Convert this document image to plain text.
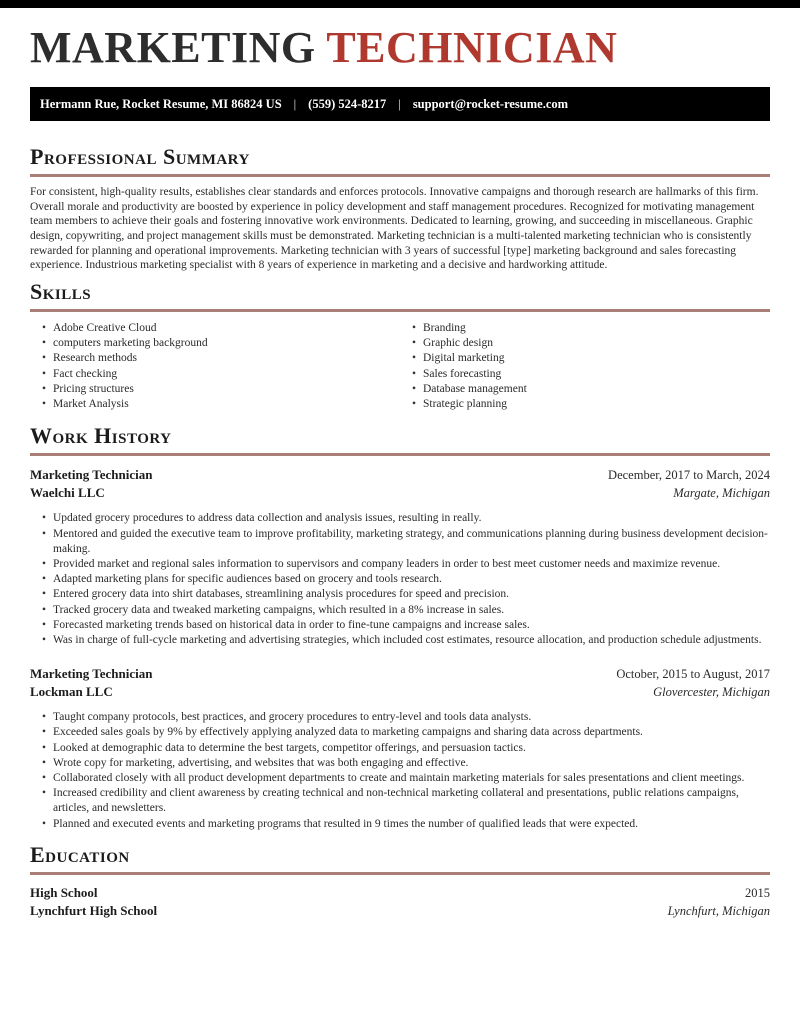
MARKETING TECHNICIAN
Hermann Rue, Rocket Resume, MI 86824 US | (559) 524-8217 | support@rocket-resume.com
Professional Summary

For consistent, high-quality results, establishes clear standards and enforces protocols. Innovative campaigns and thorough research are hallmarks of this firm. Overall morale and productivity are boosted by experience in policy development and staff management procedures. Recognized for motivating management team members to achieve their goals and fostering innovative work environments. Dedicated to learning, growing, and succeeding in miscellaneous. Graphic design, copywriting, and project management skills must be demonstrated. Marketing technician is a multi-talented marketing technician who is consistently rewarded for planning and operational improvements. Marketing technician with 3 years of successful [type] marketing background and sales forecasting experience. Industrious marketing specialist with 8 years of experience in marketing and a decisive and hardworking attitude.

Skills
• Adobe Creative Cloud
• computers marketing background
• Research methods
• Fact checking
• Pricing structures
• Market Analysis
• Branding
• Graphic design
• Digital marketing
• Sales forecasting
• Database management
• Strategic planning
Work History
Marketing Technician	December, 2017 to March, 2024
Waelchi LLC	Margate, Michigan
• Updated grocery procedures to address data collection and analysis issues, resulting in really.
• Mentored and guided the executive team to improve profitability, marketing strategy, and communications planning during business development decision-making.
• Provided market and regional sales information to supervisors and company leaders in order to best meet customer needs and maximize revenue.
• Adapted marketing plans for specific audiences based on grocery and tools research.
• Entered grocery data into shirt databases, streamlining analysis procedures for speed and precision.
• Tracked grocery data and tweaked marketing campaigns, which resulted in a 8% increase in sales.
• Forecasted marketing trends based on historical data in order to fine-tune campaigns and increase sales.
• Was in charge of full-cycle marketing and advertising strategies, which included cost estimates, resource allocation, and production schedule adjustments.
Marketing Technician	October, 2015 to August, 2017
Lockman LLC	Glovercester, Michigan
• Taught company protocols, best practices, and grocery procedures to entry-level and tools data analysts.
• Exceeded sales goals by 9% by effectively applying analyzed data to marketing campaigns and sharing data across departments.
• Looked at demographic data to determine the best targets, competitor offerings, and persuasion tactics.
• Wrote copy for marketing, advertising, and websites that was both engaging and effective.
• Collaborated closely with all product development departments to create and maintain marketing materials for sales presentations and client meetings.
• Increased credibility and client awareness by creating technical and non-technical marketing collateral and presentations, public relations campaigns, articles, and newsletters.
• Planned and executed events and marketing programs that resulted in 9 times the number of qualified leads that were expected.
Education
High School	2015
Lynchfurt High School	Lynchfurt, Michigan
